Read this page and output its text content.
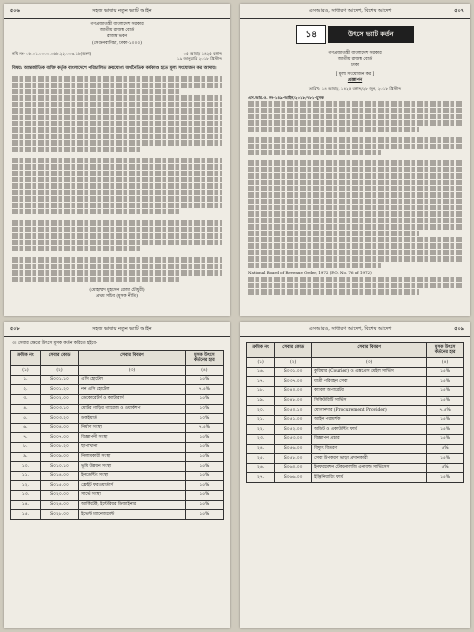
৫০৬	সহজ ভাষায় নতুন ভ্যাট আইন
গণপ্রজাতন্ত্রী বাংলাদেশ সরকার
জাতীয় রাজস্ব বোর্ড
রাজস্ব ভবন
(সেগুনবাগিচা, ঢাকা-১০০০)
নথি নং- ০৮.০১.০০০০.০৬৮.২২.০০৩.১৮(অংশ)	০৫ আষাঢ় ১৪২৫ বঙ্গাব্দ
১৯ জানুয়ারি ২০১৮ খ্রিস্টাব্দ
বিষয়: আন্তর্জাতিক ব্যক্তি কর্তৃক বাংলাদেশে পরিচালিত ক্রয়যোগ্য অর্থনৈতিক কর্মকাণ্ড হতে মূল্য সংযোজন কর আদায়।
(মোহাম্মদ মুহসেন রেজা চৌধুরী)
প্রথম সচিব (মূসক নীতি)
এসআরও, সাধারণ আদেশ, বিশেষ আদেশ	৫০৭
১৪	উৎসে ভ্যাট কর্তন
গণপ্রজাতন্ত্রী বাংলাদেশ সরকার
জাতীয় রাজস্ব বোর্ড
ঢাকা
[ মূল্য সংযোজন কর ]
প্রজ্ঞাপন
তারিখ: ১৪ আষাঢ়, ১৪২৫ বঙ্গাব্দ/২৮ জুন, ২০১৮ খ্রিস্টাব্দ
এস.আর.ও. নং-১৪৯-আইন/২০১৮/৭৮১-মূসক
National Board of Revenue Order, 1972 (P.O. No. 76 of 1972)
৫০৮	সহজ ভাষায় নতুন ভ্যাট আইন
৩। সেবার ক্ষেত্রে উৎসে মূসক কর্তন করিতে হইবে-
ক্রমিক নং	সেবার কোড	সেবার বিবরণ	মূসক উৎসে কর্তনের হার
(১)	(২)	(৩)	(৪)
১.	S০০১.১০	এসি হোটেল	১৫%
২.	S০০১.২০	নন এসি হোটেল	৭.৫%
৩.	S০০২.০০	ডেকোরেটর্স ও ক্যাটারার্স	১৫%
৪.	S০০৩.১০	মোটর গাড়ির গ্যারেজ ও ওয়ার্কশপ	১০%
৫.	S০০৩.২০	ডকইয়ার্ড	১০%
৬.	S০০৪.০০	নির্মাণ সংস্থা	৭.৫%
৭.	S০০৭.০০	বিজ্ঞাপনী সংস্থা	১৫%
৮.	S০০৮.২০	ছাপাখানা	১৫%
৯.	S০০৯.০০	নিলামকারী সংস্থা	১৫%
১০.	S০১০.১০	ভূমি উন্নয়ন সংস্থা	১৫%
১১.	S০১৪.০০	ইনডেন্টিং সংস্থা	১৫%
১২.	S০১৫.০০	ফ্রেইট ফরওয়ার্ডার্স	১৫%
১৩.	S০২০.০০	সার্ভে সংস্থা	১৫%
১৪.	S০২৪.০০	আর্কিটেক্ট, ইন্টেরিয়র ডিজাইনার	১৫%
১৫.	S০২৮.০০	ইভেন্ট ম্যানেজমেন্ট	১৫%
এসআরও, সাধারণ আদেশ, বিশেষ আদেশ	৫০৯
ক্রমিক নং	সেবার কোড	সেবার বিবরণ	মূসক উৎসে কর্তনের হার
(১)	(২)	(৩)	(৪)
১৬.	S০৩১.০০	কুরিয়ার (Courier) ও এক্সপ্রেস মেইল সার্ভিস	১৫%
১৭.	S০৩৭.০০	যাত্রী পরিবহন সেবা	১৫%
১৮.	S০৪০.০০	ক্যাবল অপারেটর	১৫%
১৯.	S০৪৮.০০	সিকিউরিটি সার্ভিস	১৫%
২০.	S০৫০.১০	যোগানদার (Procurement Provider)	৭.৫%
২১.	S০৫১.০০	আইন পরামর্শক	১৫%
২২.	S০৫২.০০	অডিট ও একাউন্টিং ফার্ম	১৫%
২৩.	S০৫৩.০০	বিজ্ঞাপন প্রচার	১৫%
২৪.	S০৫৬.০০	বিদ্যুৎ বিতরণ	৫%
২৫.	S০৫৮.০০	সেবা উপকরণ ভাড়া প্রদানকারী	১৫%
২৬.	S০৬০.০০	ইনফরমেশন টেকনোলজি এনাবল্ড সার্ভিসেস	৫%
২৭.	S০৬৬.০০	ইঞ্জিনিয়ারিং ফার্ম	১৫%
